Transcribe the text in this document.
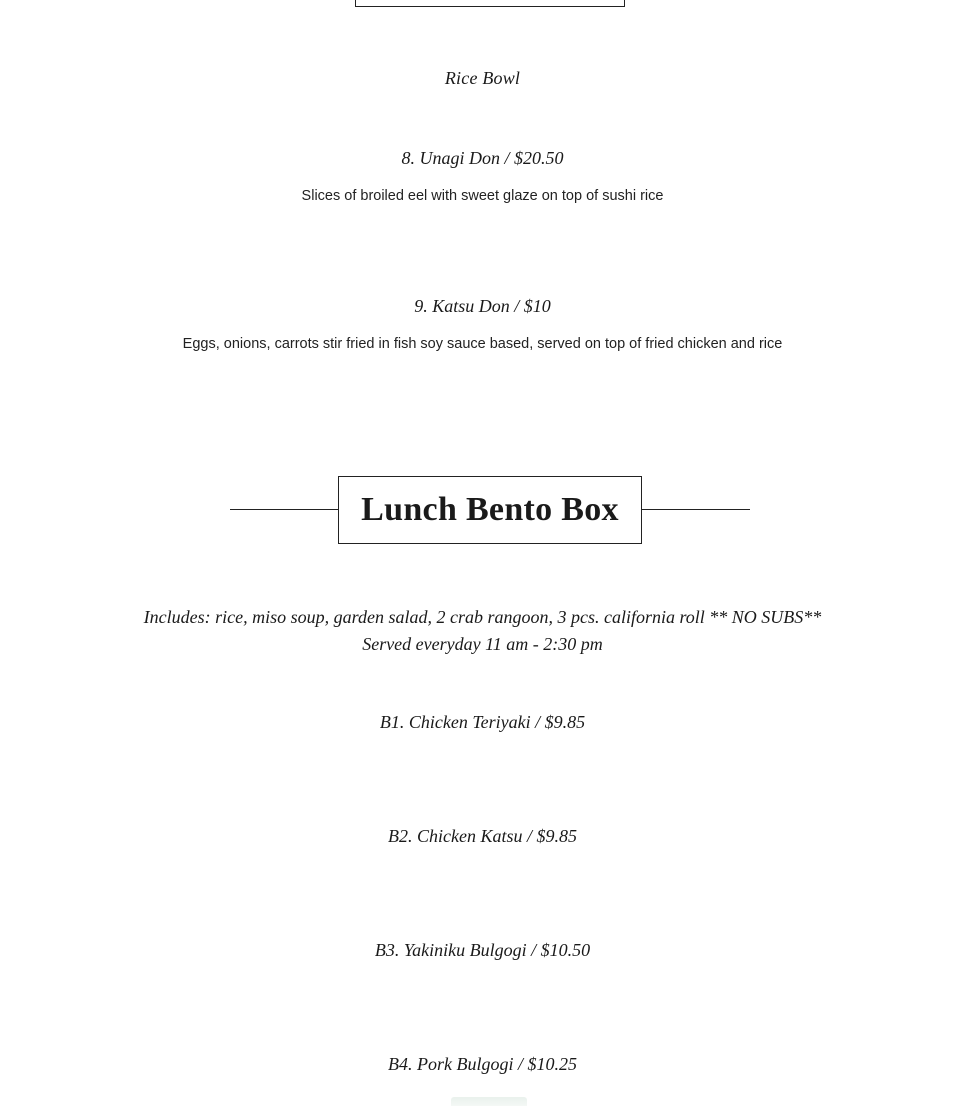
Rice Bowl
8. Unagi Don / $20.50
Slices of broiled eel with sweet glaze on top of sushi rice
9. Katsu Don / $10
Eggs, onions, carrots stir fried in fish soy sauce based, served on top of fried chicken and rice
Lunch Bento Box
Includes: rice, miso soup, garden salad, 2 crab rangoon, 3 pcs. california roll ** NO SUBS**
Served everyday 11 am - 2:30 pm
B1. Chicken Teriyaki / $9.85
B2. Chicken Katsu / $9.85
B3. Yakiniku Bulgogi / $10.50
B4. Pork Bulgogi / $10.25
